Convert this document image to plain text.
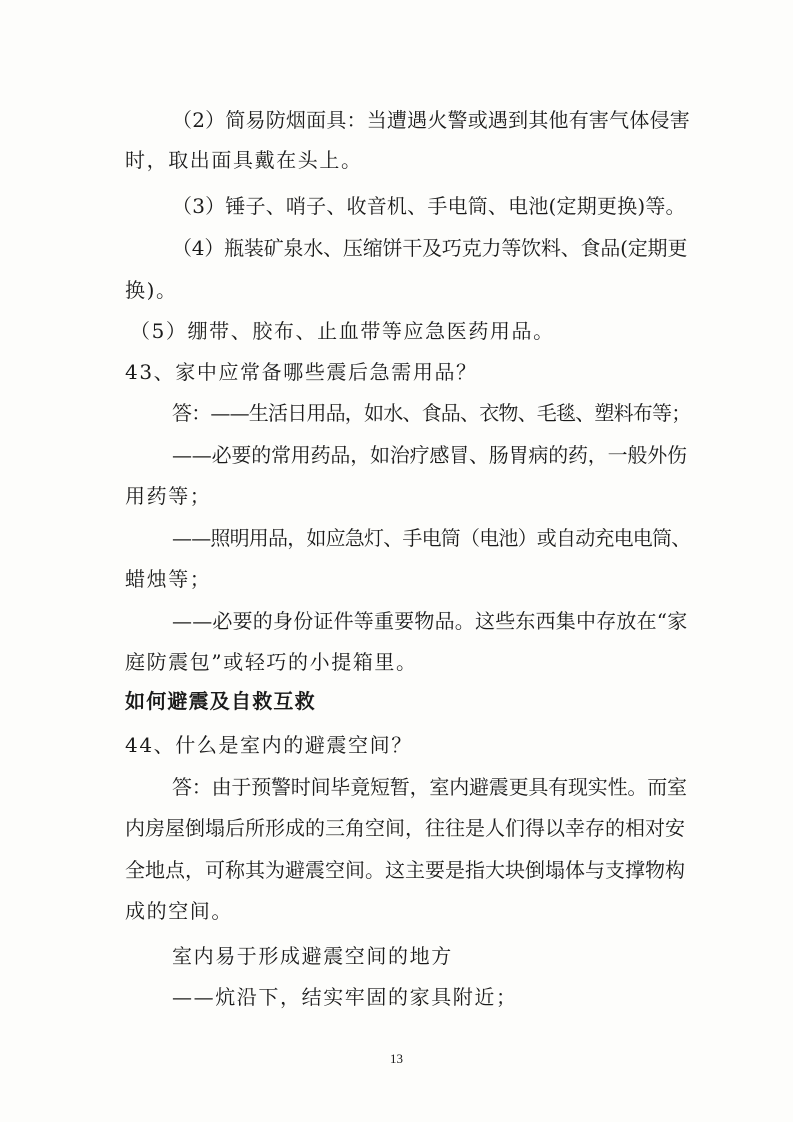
（2）简易防烟面具：当遭遇火警或遇到其他有害气体侵害
时，取出面具戴在头上。
（3）锤子、哨子、收音机、手电筒、电池(定期更换)等。
（4）瓶装矿泉水、压缩饼干及巧克力等饮料、食品(定期更
换)。
（5）绷带、胶布、止血带等应急医药用品。
43、家中应常备哪些震后急需用品？
答：——生活日用品，如水、食品、衣物、毛毯、塑料布等；
——必要的常用药品，如治疗感冒、肠胃病的药，一般外伤
用药等；
——照明用品，如应急灯、手电筒（电池）或自动充电电筒、
蜡烛等；
——必要的身份证件等重要物品。这些东西集中存放在“家
庭防震包”或轻巧的小提箱里。
如何避震及自救互救
44、什么是室内的避震空间？
答：由于预警时间毕竟短暂，室内避震更具有现实性。而室
内房屋倒塌后所形成的三角空间，往往是人们得以幸存的相对安
全地点，可称其为避震空间。这主要是指大块倒塌体与支撑物构
成的空间。
室内易于形成避震空间的地方
——炕沿下，结实牢固的家具附近；
13
